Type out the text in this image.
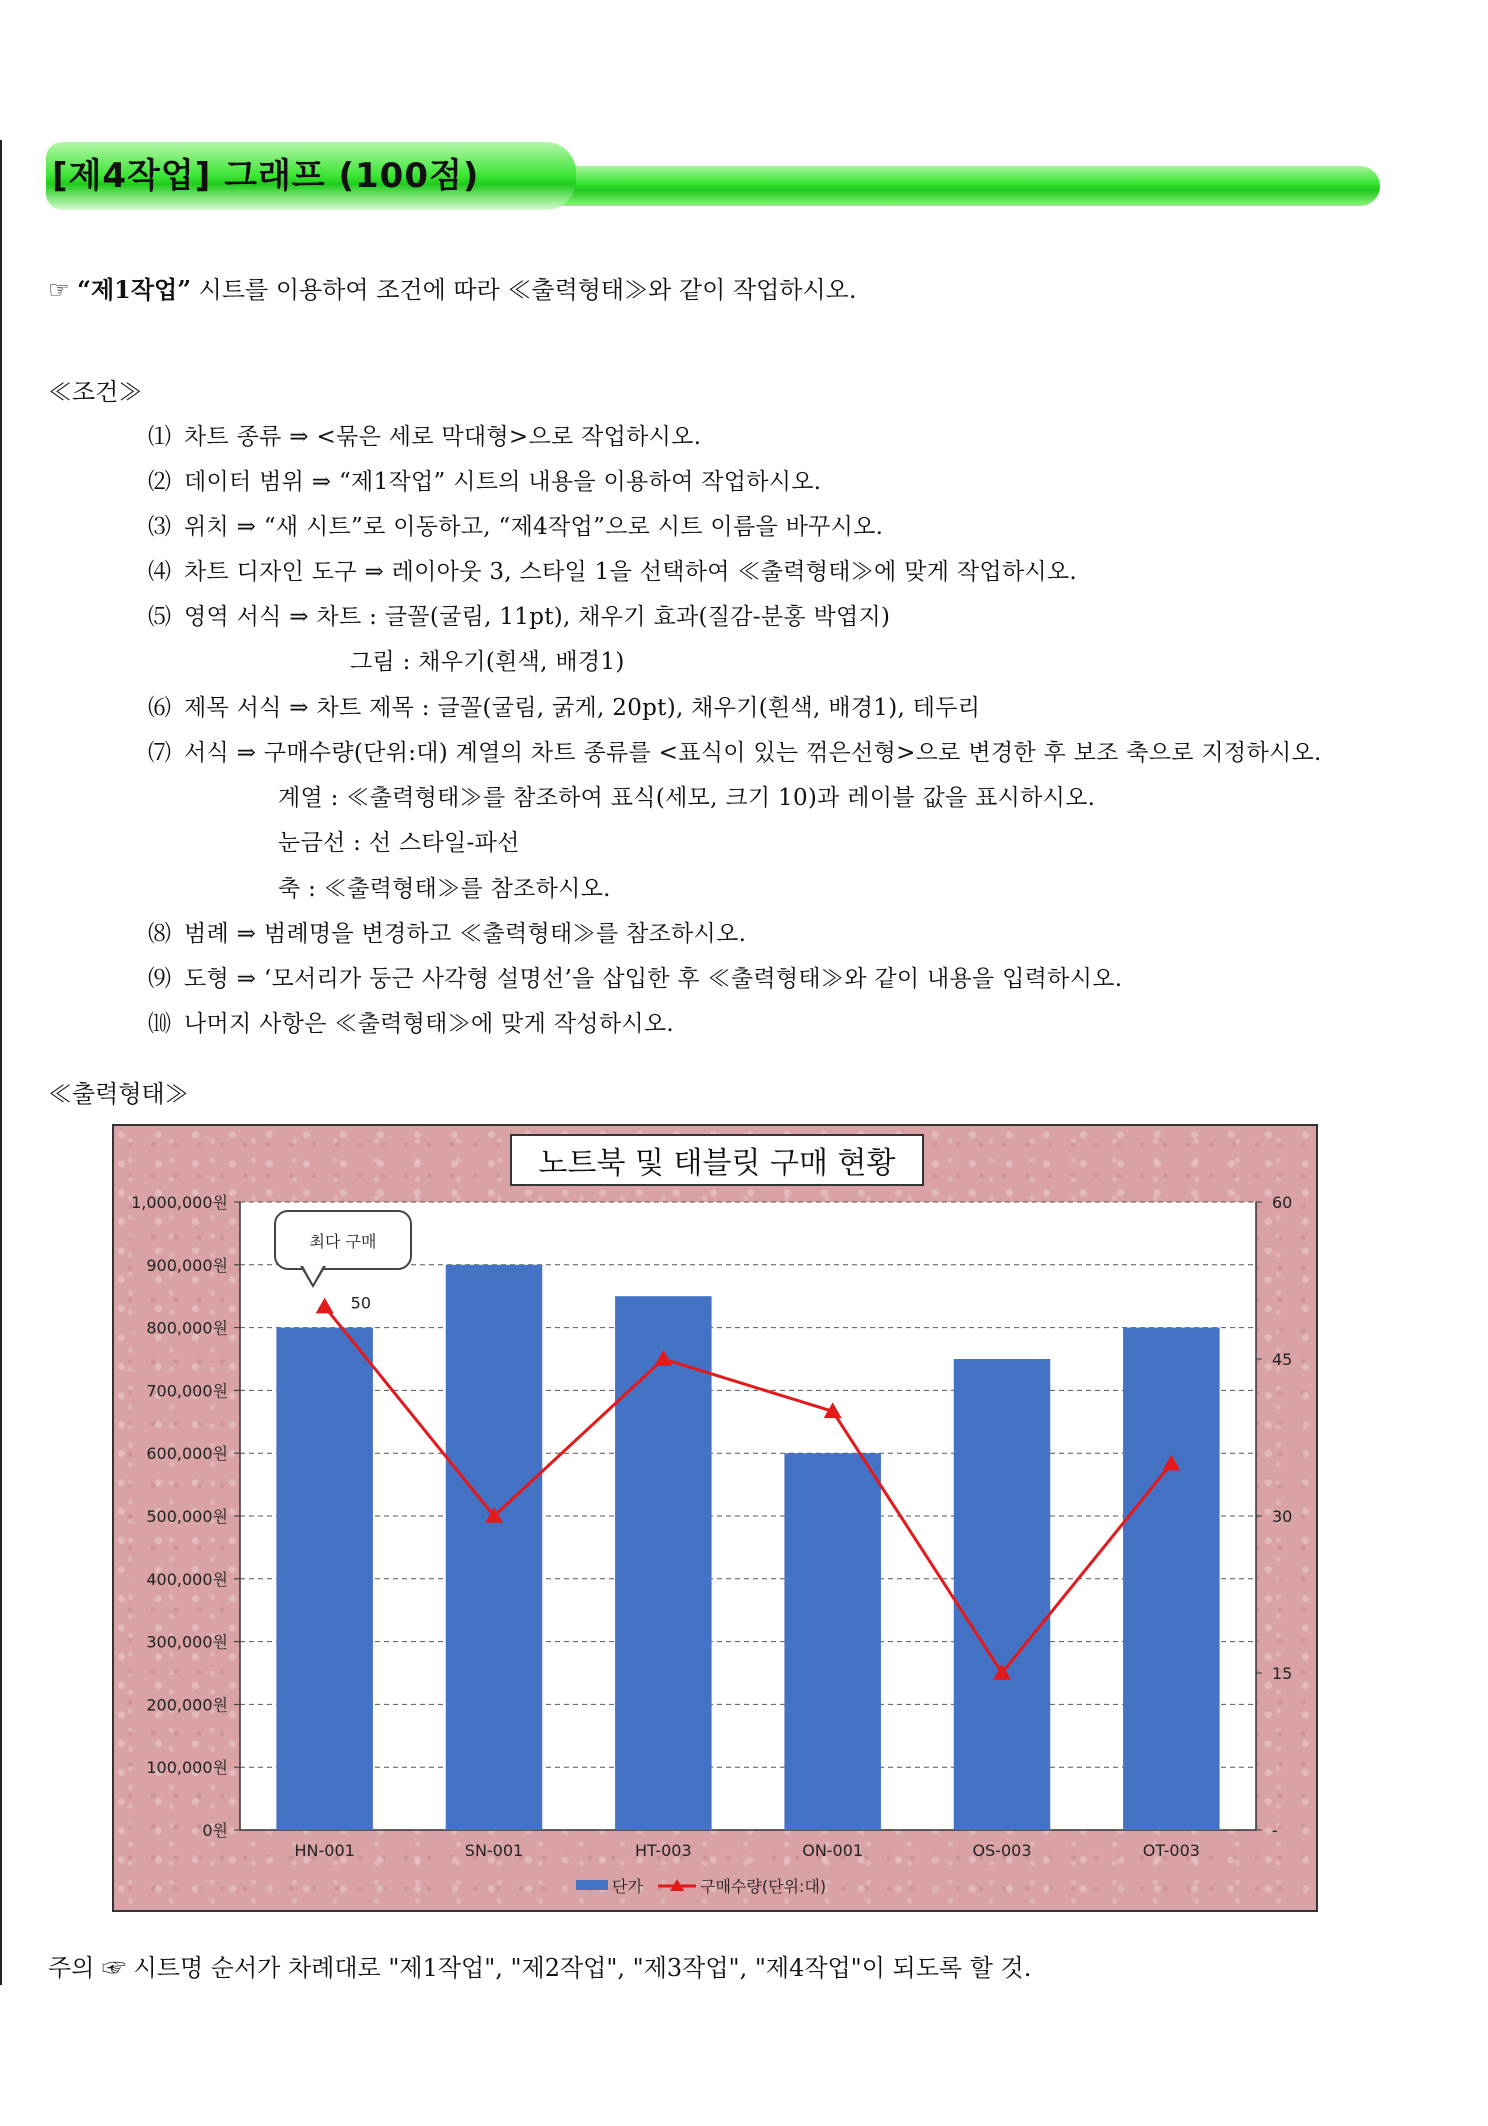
[제4작업] 그래프 (100점)
☞ “제1작업” 시트를 이용하여 조건에 따라 ≪출력형태≫와 같이 작업하시오.
≪조건≫
⑴ 차트 종류 ⇒ <묶은 세로 막대형>으로 작업하시오.
⑵ 데이터 범위 ⇒ “제1작업” 시트의 내용을 이용하여 작업하시오.
⑶ 위치 ⇒ “새 시트”로 이동하고, “제4작업”으로 시트 이름을 바꾸시오.
⑷ 차트 디자인 도구 ⇒ 레이아웃 3, 스타일 1을 선택하여 ≪출력형태≫에 맞게 작업하시오.
⑸ 영역 서식 ⇒ 차트 : 글꼴(굴림, 11pt), 채우기 효과(질감-분홍 박엽지)
그림 : 채우기(흰색, 배경1)
⑹ 제목 서식 ⇒ 차트 제목 : 글꼴(굴림, 굵게, 20pt), 채우기(흰색, 배경1), 테두리
⑺ 서식 ⇒ 구매수량(단위:대) 계열의 차트 종류를 <표식이 있는 꺾은선형>으로 변경한 후 보조 축으로 지정하시오.
계열 : ≪출력형태≫를 참조하여 표식(세모, 크기 10)과 레이블 값을 표시하시오.
눈금선 : 선 스타일-파선
축 : ≪출력형태≫를 참조하시오.
⑻ 범례 ⇒ 범례명을 변경하고 ≪출력형태≫를 참조하시오.
⑼ 도형 ⇒ ‘모서리가 둥근 사각형 설명선’을 삽입한 후 ≪출력형태≫와 같이 내용을 입력하시오.
⑽ 나머지 사항은 ≪출력형태≫에 맞게 작성하시오.
≪출력형태≫
0원
100,000원
200,000원
300,000원
400,000원
500,000원
600,000원
700,000원
800,000원
900,000원
1,000,000원
-
15
30
45
60
HN-001	SN-001	HT-003	ON-001	OS-003	OT-003
50
단가	구매수량(단위:대)
노트북 및 태블릿 구매 현황
최다 구매
주의 ☞ 시트명 순서가 차례대로 "제1작업", "제2작업", "제3작업", "제4작업"이 되도록 할 것.
